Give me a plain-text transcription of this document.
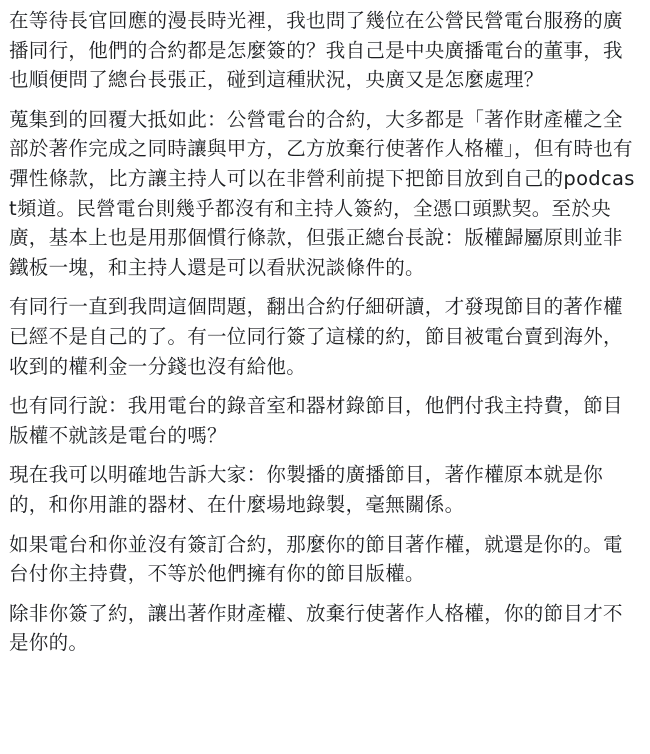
在等待長官回應的漫長時光裡，我也問了幾位在公營民營電台服務的廣播同行，他們的合約都是怎麼簽的？我自己是中央廣播電台的董事，我也順便問了總台長張正，碰到這種狀況，央廣又是怎麼處理？

蒐集到的回覆大抵如此：公營電台的合約，大多都是「著作財產權之全部於著作完成之同時讓與甲方，乙方放棄行使著作人格權」，但有時也有彈性條款，比方讓主持人可以在非營利前提下把節目放到自己的podcast頻道。民營電台則幾乎都沒有和主持人簽約，全憑口頭默契。至於央廣，基本上也是用那個慣行條款，但張正總台長說：版權歸屬原則並非鐵板一塊，和主持人還是可以看狀況談條件的。

有同行一直到我問這個問題，翻出合約仔細研讀，才發現節目的著作權已經不是自己的了。有一位同行簽了這樣的約，節目被電台賣到海外，收到的權利金一分錢也沒有給他。

也有同行說：我用電台的錄音室和器材錄節目，他們付我主持費，節目版權不就該是電台的嗎？

現在我可以明確地告訴大家：你製播的廣播節目，著作權原本就是你的，和你用誰的器材、在什麼場地錄製，毫無關係。

如果電台和你並沒有簽訂合約，那麼你的節目著作權，就還是你的。電台付你主持費，不等於他們擁有你的節目版權。

除非你簽了約，讓出著作財產權、放棄行使著作人格權，你的節目才不是你的。
